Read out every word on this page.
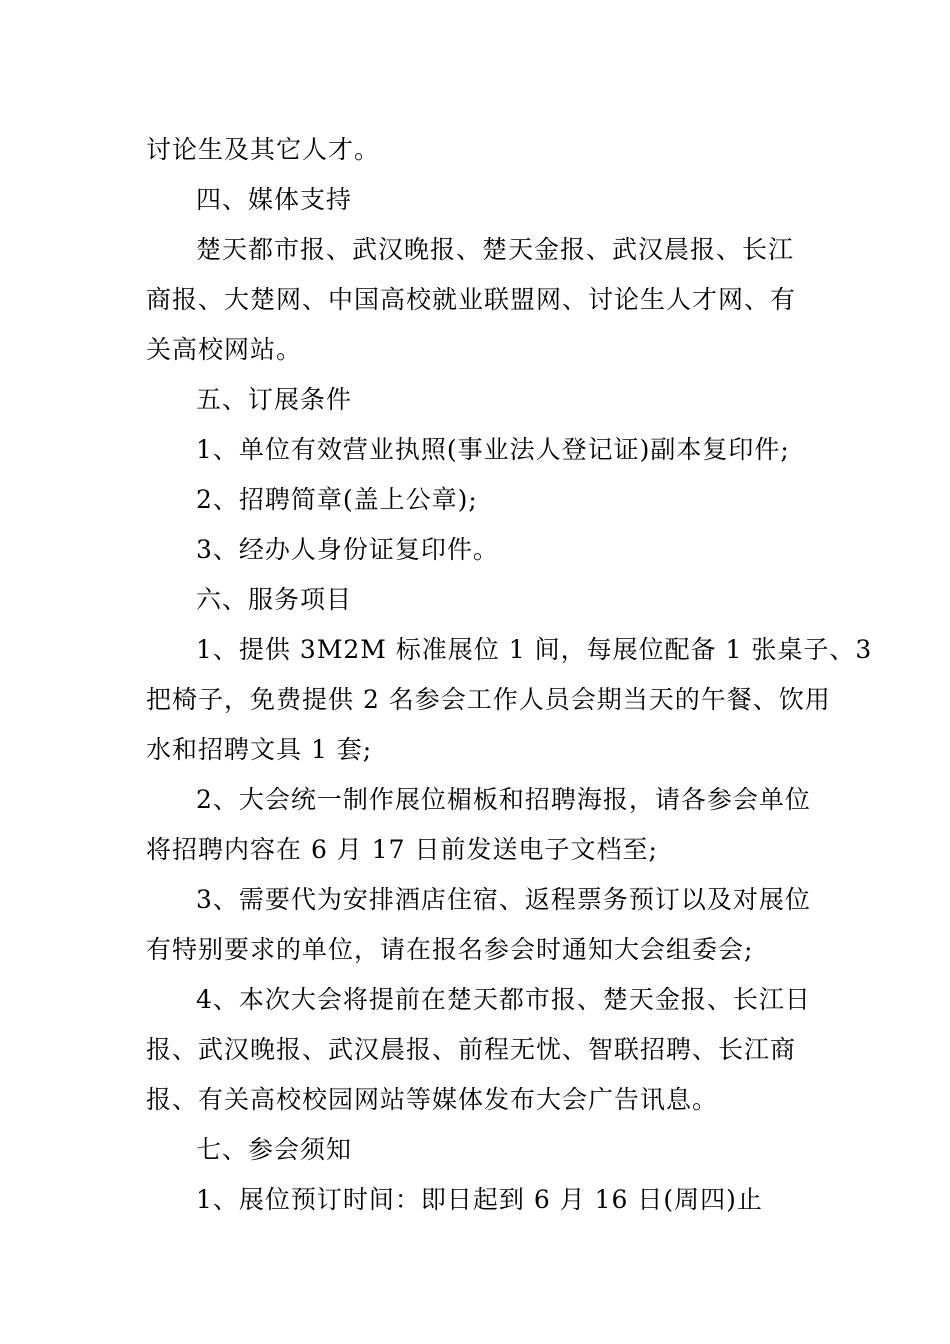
讨论生及其它人才。
四、媒体支持
楚天都市报、武汉晚报、楚天金报、武汉晨报、长江
商报、大楚网、中国高校就业联盟网、讨论生人才网、有
关高校网站。
五、订展条件
1、单位有效营业执照(事业法人登记证)副本复印件;
2、招聘简章(盖上公章);
3、经办人身份证复印件。
六、服务项目
1、提供 3M2M 标准展位 1 间，每展位配备 1 张桌子、3
把椅子，免费提供 2 名参会工作人员会期当天的午餐、饮用
水和招聘文具 1 套;
2、大会统一制作展位楣板和招聘海报，请各参会单位
将招聘内容在 6 月 17 日前发送电子文档至;
3、需要代为安排酒店住宿、返程票务预订以及对展位
有特别要求的单位，请在报名参会时通知大会组委会;
4、本次大会将提前在楚天都市报、楚天金报、长江日
报、武汉晚报、武汉晨报、前程无忧、智联招聘、长江商
报、有关高校校园网站等媒体发布大会广告讯息。
七、参会须知
1、展位预订时间：即日起到 6 月 16 日(周四)止
